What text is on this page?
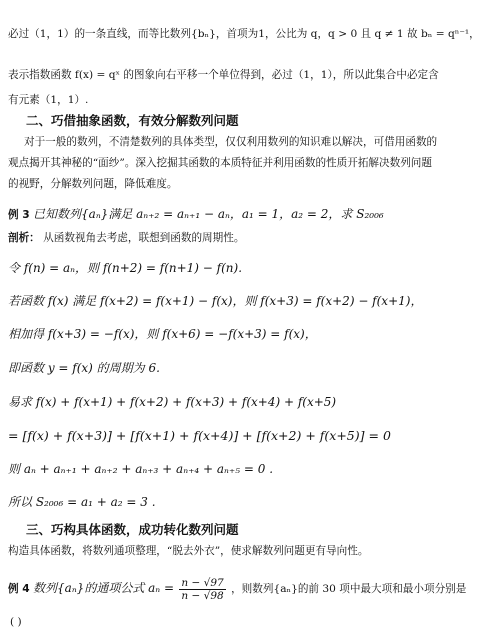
必过（1，1）的一条直线，而等比数列{bₙ}，首项为1，公比为 q，q > 0 且 q ≠ 1 故 bₙ = qⁿ⁻¹，
表示指数函数 f(x) = qˣ 的图象向右平移一个单位得到，必过（1，1），所以此集合中必定含
有元素（1，1）.
二、巧借抽象函数，有效分解数列问题
对于一般的数列，不清楚数列的具体类型，仅仅利用数列的知识难以解决，可借用函数的
观点揭开其神秘的“面纱”。深入挖掘其函数的本质特征并利用函数的性质开拓解决数列问题
的视野，分解数列问题，降低难度。
例 3 已知数列{aₙ}满足 aₙ₊₂ = aₙ₊₁ − aₙ，a₁ = 1，a₂ = 2，求 S₂₀₀₆
剖析： 从函数视角去考虑，联想到函数的周期性。
令 f(n) = aₙ，则 f(n+2) = f(n+1) − f(n).
若函数 f(x) 满足 f(x+2) = f(x+1) − f(x)，则 f(x+3) = f(x+2) − f(x+1)，
相加得 f(x+3) = −f(x)，则 f(x+6) = −f(x+3) = f(x)，
即函数 y = f(x) 的周期为 6.
易求 f(x) + f(x+1) + f(x+2) + f(x+3) + f(x+4) + f(x+5)
= [f(x) + f(x+3)] + [f(x+1) + f(x+4)] + [f(x+2) + f(x+5)] = 0
则 aₙ + aₙ₊₁ + aₙ₊₂ + aₙ₊₃ + aₙ₊₄ + aₙ₊₅ = 0 .
所以 S₂₀₀₆ = a₁ + a₂ = 3 .
三、巧构具体函数，成功转化数列问题
构造具体函数，将数列通项整理，“脱去外衣”，使求解数列问题更有导向性。
例 4 数列{aₙ}的通项公式 $a_n = \frac{n - √97}{n - √98}$ ，则数列{aₙ}的前 30 项中最大项和最小项分别是
( )
